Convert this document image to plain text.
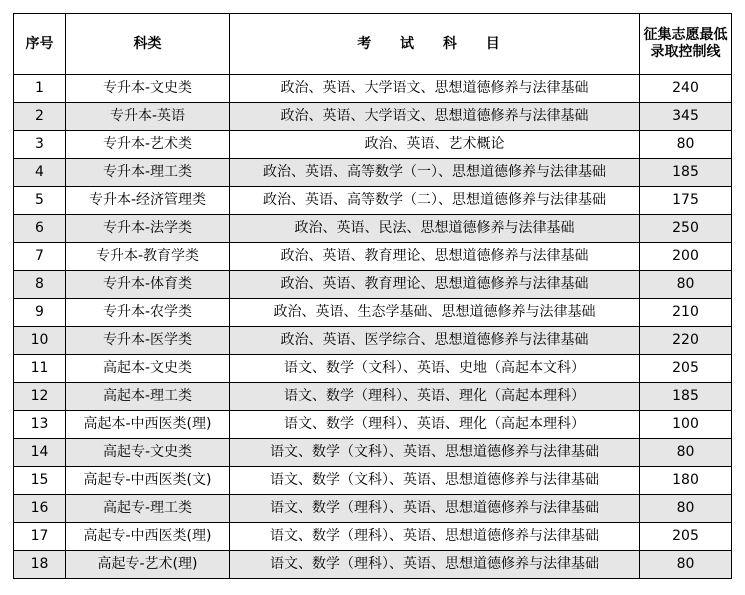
序号	科类	考 试 科 目	征集志愿最低录取控制线
1	专升本-文史类	政治、英语、大学语文、思想道德修养与法律基础	240
2	专升本-英语	政治、英语、大学语文、思想道德修养与法律基础	345
3	专升本-艺术类	政治、英语、艺术概论	80
4	专升本-理工类	政治、英语、高等数学（一）、思想道德修养与法律基础	185
5	专升本-经济管理类	政治、英语、高等数学（二）、思想道德修养与法律基础	175
6	专升本-法学类	政治、英语、民法、思想道德修养与法律基础	250
7	专升本-教育学类	政治、英语、教育理论、思想道德修养与法律基础	200
8	专升本-体育类	政治、英语、教育理论、思想道德修养与法律基础	80
9	专升本-农学类	政治、英语、生态学基础、思想道德修养与法律基础	210
10	专升本-医学类	政治、英语、医学综合、思想道德修养与法律基础	220
11	高起本-文史类	语文、数学（文科）、英语、史地（高起本文科）	205
12	高起本-理工类	语文、数学（理科）、英语、理化（高起本理科）	185
13	高起本-中西医类(理)	语文、数学（理科）、英语、理化（高起本理科）	100
14	高起专-文史类	语文、数学（文科）、英语、思想道德修养与法律基础	80
15	高起专-中西医类(文)	语文、数学（文科）、英语、思想道德修养与法律基础	180
16	高起专-理工类	语文、数学（理科）、英语、思想道德修养与法律基础	80
17	高起专-中西医类(理)	语文、数学（理科）、英语、思想道德修养与法律基础	205
18	高起专-艺术(理)	语文、数学（理科）、英语、思想道德修养与法律基础	80
